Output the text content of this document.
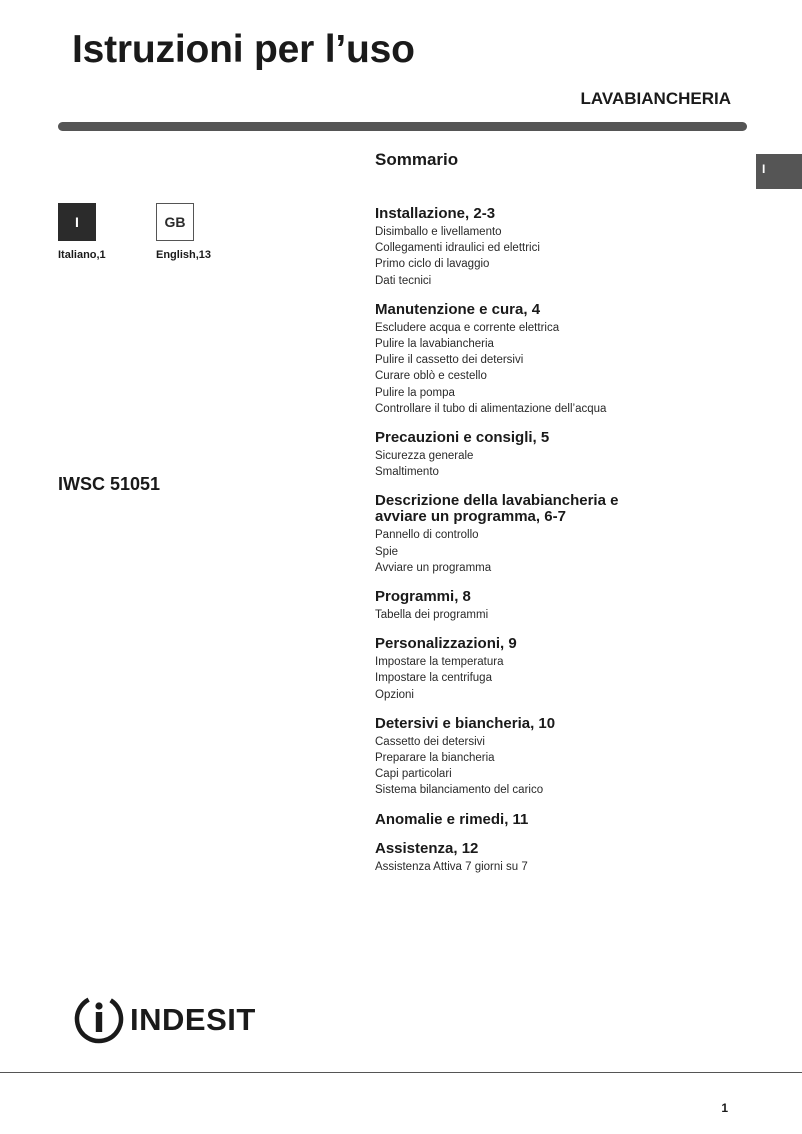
Istruzioni per l’uso
LAVABIANCHERIA
I
I	GB
Italiano,1	English,13
IWSC 51051
Sommario
Installazione, 2-3
Disimballo e livellamento
Collegamenti idraulici ed elettrici
Primo ciclo di lavaggio
Dati tecnici
Manutenzione e cura, 4
Escludere acqua e corrente elettrica
Pulire la lavabiancheria
Pulire il cassetto dei detersivi
Curare oblò e cestello
Pulire la pompa
Controllare il tubo di alimentazione dell’acqua
Precauzioni e consigli, 5
Sicurezza generale
Smaltimento
Descrizione della lavabiancheria e avviare un programma, 6-7
Pannello di controllo
Spie
Avviare un programma
Programmi, 8
Tabella dei programmi
Personalizzazioni, 9
Impostare la temperatura
Impostare la centrifuga
Opzioni
Detersivi e biancheria, 10
Cassetto dei detersivi
Preparare la biancheria
Capi particolari
Sistema bilanciamento del carico
Anomalie e rimedi, 11
Assistenza, 12
Assistenza Attiva 7 giorni su 7
INDESIT
1
